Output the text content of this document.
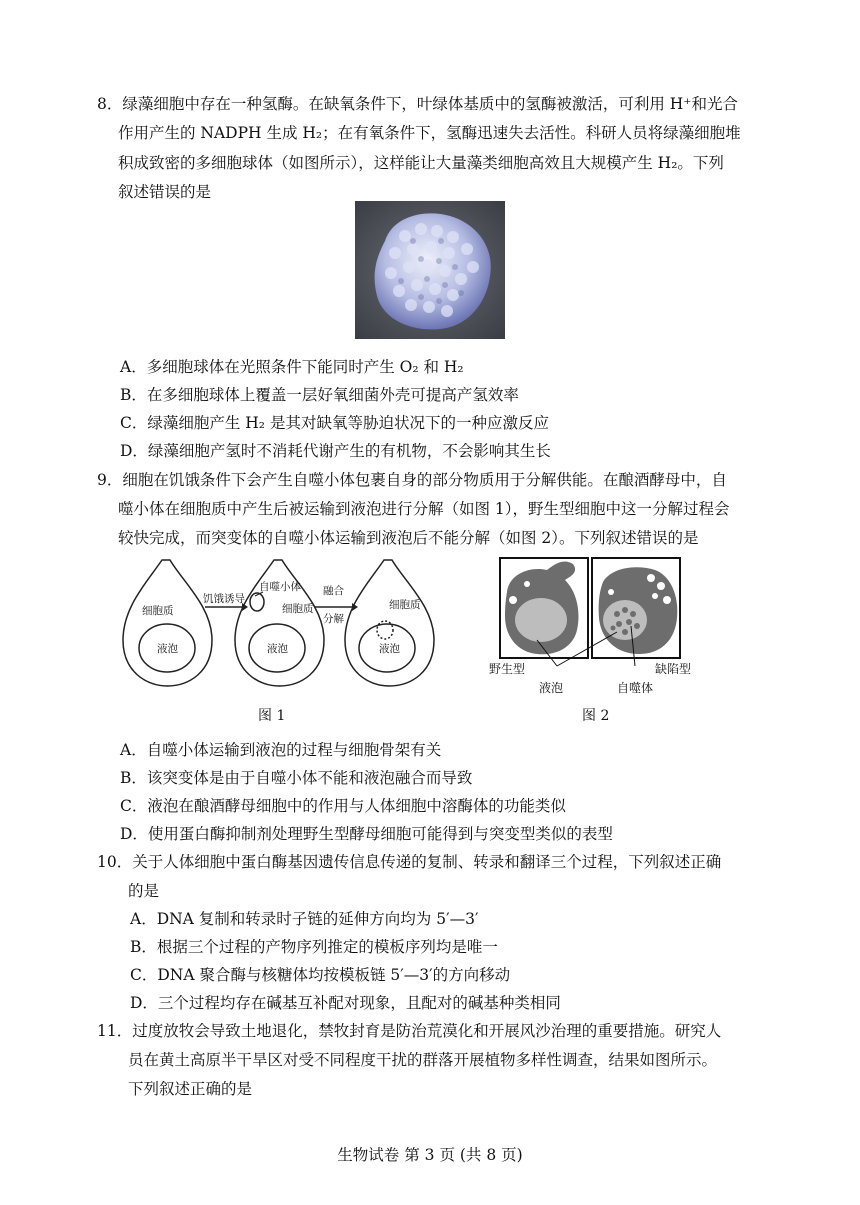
8．绿藻细胞中存在一种氢酶。在缺氧条件下，叶绿体基质中的氢酶被激活，可利用 H⁺和光合
作用产生的 NADPH 生成 H₂；在有氧条件下，氢酶迅速失去活性。科研人员将绿藻细胞堆
积成致密的多细胞球体（如图所示），这样能让大量藻类细胞高效且大规模产生 H₂。下列
叙述错误的是
A．多细胞球体在光照条件下能同时产生 O₂ 和 H₂
B．在多细胞球体上覆盖一层好氧细菌外壳可提高产氢效率
C．绿藻细胞产生 H₂ 是其对缺氧等胁迫状况下的一种应激反应
D．绿藻细胞产氢时不消耗代谢产生的有机物，不会影响其生长
9．细胞在饥饿条件下会产生自噬小体包裹自身的部分物质用于分解供能。在酿酒酵母中，自
噬小体在细胞质中产生后被运输到液泡进行分解（如图 1），野生型细胞中这一分解过程会
较快完成，而突变体的自噬小体运输到液泡后不能分解（如图 2）。下列叙述错误的是
细胞质
液泡
饥饿诱导
自噬小体
细胞质
液泡
融合
分解
细胞质
液泡
图 1
野生型	缺陷型
液泡	自噬体
图 2
A．自噬小体运输到液泡的过程与细胞骨架有关
B．该突变体是由于自噬小体不能和液泡融合而导致
C．液泡在酿酒酵母细胞中的作用与人体细胞中溶酶体的功能类似
D．使用蛋白酶抑制剂处理野生型酵母细胞可能得到与突变型类似的表型
10．关于人体细胞中蛋白酶基因遗传信息传递的复制、转录和翻译三个过程，下列叙述正确
的是
A．DNA 复制和转录时子链的延伸方向均为 5′—3′
B．根据三个过程的产物序列推定的模板序列均是唯一
C．DNA 聚合酶与核糖体均按模板链 5′—3′的方向移动
D．三个过程均存在碱基互补配对现象，且配对的碱基种类相同
11．过度放牧会导致土地退化，禁牧封育是防治荒漠化和开展风沙治理的重要措施。研究人
员在黄土高原半干旱区对受不同程度干扰的群落开展植物多样性调查，结果如图所示。
下列叙述正确的是
生物试卷 第 3 页 (共 8 页)
